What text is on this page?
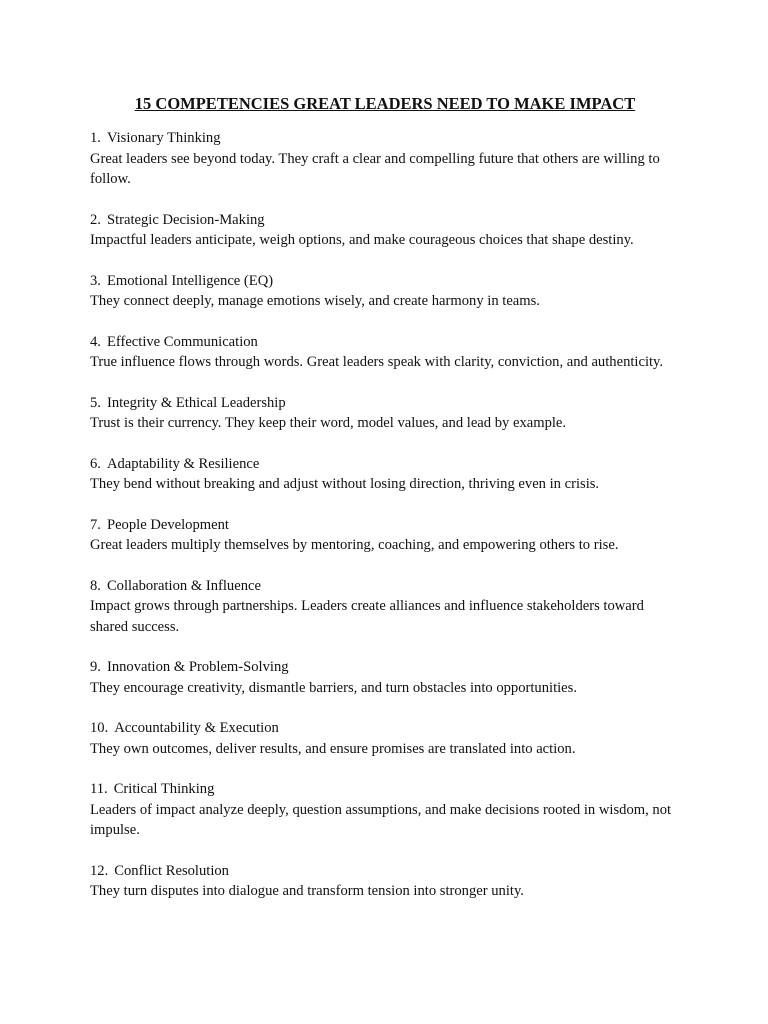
15 COMPETENCIES GREAT LEADERS NEED TO MAKE IMPACT

1. Visionary Thinking

Great leaders see beyond today. They craft a clear and compelling future that others are willing to follow.

2. Strategic Decision-Making

Impactful leaders anticipate, weigh options, and make courageous choices that shape destiny.

3. Emotional Intelligence (EQ)

They connect deeply, manage emotions wisely, and create harmony in teams.

4. Effective Communication

True influence flows through words. Great leaders speak with clarity, conviction, and authenticity.

5. Integrity & Ethical Leadership

Trust is their currency. They keep their word, model values, and lead by example.

6. Adaptability & Resilience

They bend without breaking and adjust without losing direction, thriving even in crisis.

7. People Development

Great leaders multiply themselves by mentoring, coaching, and empowering others to rise.

8. Collaboration & Influence

Impact grows through partnerships. Leaders create alliances and influence stakeholders toward shared success.

9. Innovation & Problem-Solving

They encourage creativity, dismantle barriers, and turn obstacles into opportunities.

10. Accountability & Execution

They own outcomes, deliver results, and ensure promises are translated into action.

11. Critical Thinking

Leaders of impact analyze deeply, question assumptions, and make decisions rooted in wisdom, not impulse.

12. Conflict Resolution

They turn disputes into dialogue and transform tension into stronger unity.
